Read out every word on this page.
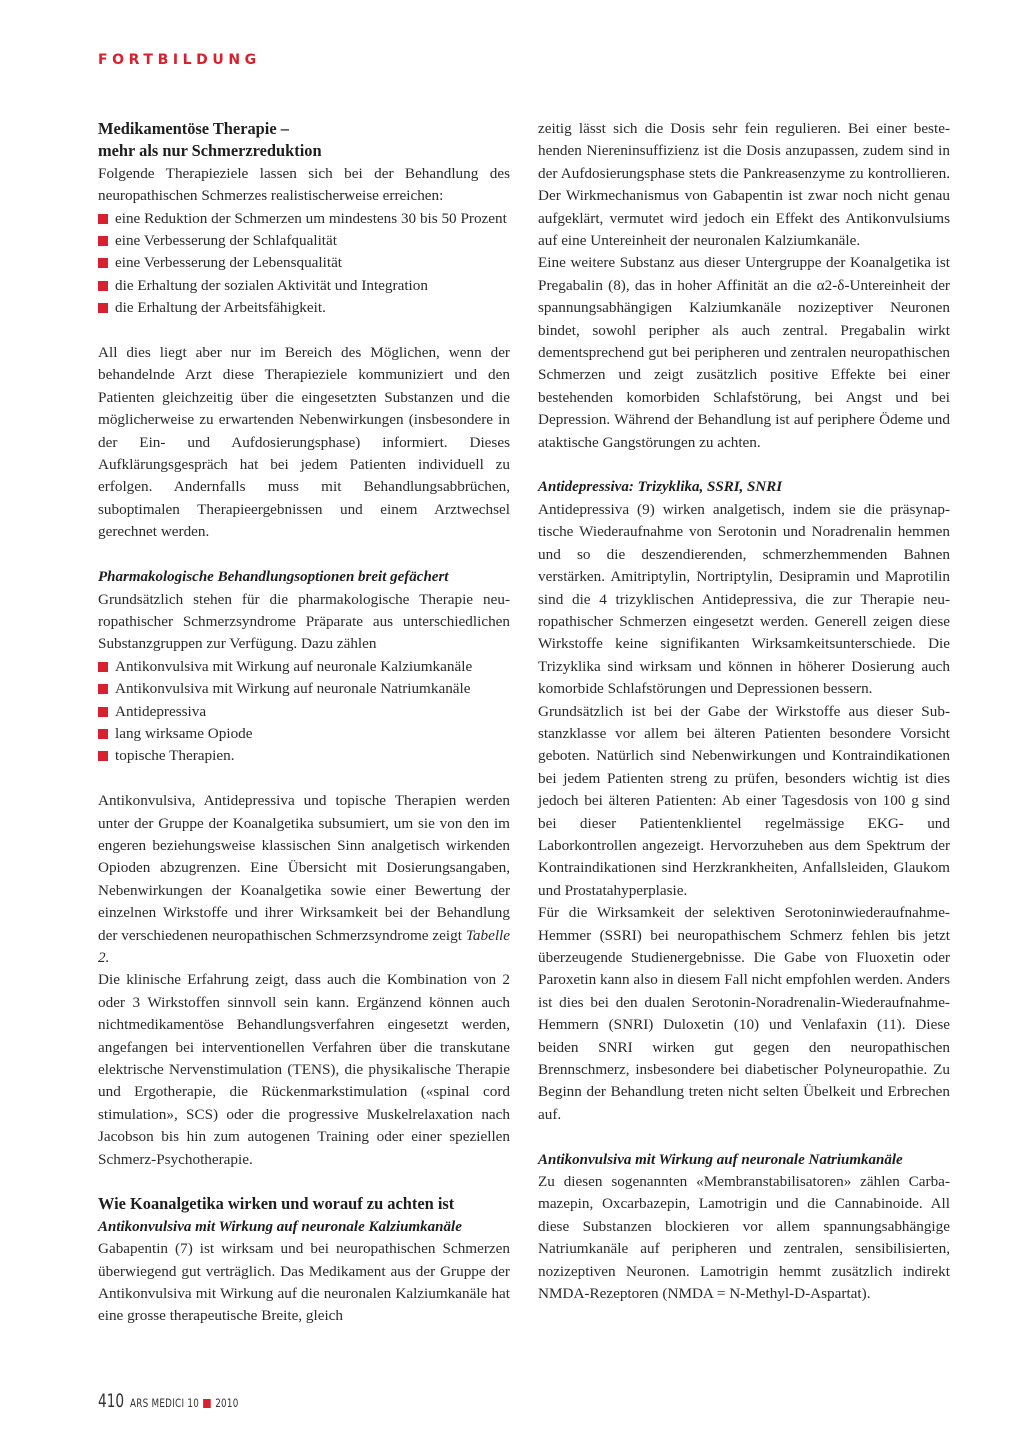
FORTBILDUNG
Medikamentöse Therapie –
mehr als nur Schmerzreduktion

Folgende Therapieziele lassen sich bei der Behandlung des neuropathischen Schmerzes realistischerweise erreichen:

eine Reduktion der Schmerzen um mindestens 30 bis 50 Prozent
eine Verbesserung der Schlafqualität
eine Verbesserung der Lebensqualität
die Erhaltung der sozialen Aktivität und Integration
die Erhaltung der Arbeitsfähigkeit.

All dies liegt aber nur im Bereich des Möglichen, wenn der behandelnde Arzt diese Therapieziele kommuniziert und den Patienten gleichzeitig über die eingesetzten Substanzen und die möglicherweise zu erwartenden Nebenwirkungen (insbesondere in der Ein- und Aufdosierungsphase) informiert. Dieses Aufklärungsgespräch hat bei jedem Patienten individuell zu erfolgen. Andernfalls muss mit Behandlungsabbrüchen, suboptimalen Therapieergebnissen und einem Arztwechsel gerechnet werden.

Pharmakologische Behandlungsoptionen breit gefächert

Grundsätzlich stehen für die pharmakologische Therapie neuropathischer Schmerzsyndrome Präparate aus unterschiedlichen Substanzgruppen zur Verfügung. Dazu zählen

Antikonvulsiva mit Wirkung auf neuronale Kalziumkanäle
Antikonvulsiva mit Wirkung auf neuronale Natriumkanäle
Antidepressiva
lang wirksame Opiode
topische Therapien.

Antikonvulsiva, Antidepressiva und topische Therapien werden unter der Gruppe der Koanalgetika subsumiert, um sie von den im engeren beziehungsweise klassischen Sinn analgetisch wirkenden Opioden abzugrenzen. Eine Übersicht mit Dosierungsangaben, Nebenwirkungen der Koanalgetika sowie einer Bewertung der einzelnen Wirkstoffe und ihrer Wirksamkeit bei der Behandlung der verschiedenen neuropathischen Schmerzsyndrome zeigt Tabelle 2.

Die klinische Erfahrung zeigt, dass auch die Kombination von 2 oder 3 Wirkstoffen sinnvoll sein kann. Ergänzend können auch nichtmedikamentöse Behandlungsverfahren eingesetzt werden, angefangen bei interventionellen Verfahren über die transkutane elektrische Nervenstimulation (TENS), die physikalische Therapie und Ergotherapie, die Rückenmarkstimulation («spinal cord stimulation», SCS) oder die progressive Muskelrelaxation nach Jacobson bis hin zum autogenen Training oder einer speziellen Schmerz-Psychotherapie.

Wie Koanalgetika wirken und worauf zu achten ist
Antikonvulsiva mit Wirkung auf neuronale Kalziumkanäle

Gabapentin (7) ist wirksam und bei neuropathischen Schmerzen überwiegend gut verträglich. Das Medikament aus der Gruppe der Antikonvulsiva mit Wirkung auf die neuronalen Kalziumkanäle hat eine grosse therapeutische Breite, gleich

zeitig lässt sich die Dosis sehr fein regulieren. Bei einer bestehenden Niereninsuffizienz ist die Dosis anzupassen, zudem sind in der Aufdosierungsphase stets die Pankreasenzyme zu kontrollieren. Der Wirkmechanismus von Gabapentin ist zwar noch nicht genau aufgeklärt, vermutet wird jedoch ein Effekt des Antikonvulsiums auf eine Untereinheit der neuronalen Kalziumkanäle.

Eine weitere Substanz aus dieser Untergruppe der Koanalgetika ist Pregabalin (8), das in hoher Affinität an die α2-δ-Untereinheit der spannungsabhängigen Kalziumkanäle nozizeptiver Neuronen bindet, sowohl peripher als auch zentral. Pregabalin wirkt dementsprechend gut bei peripheren und zentralen neuropathischen Schmerzen und zeigt zusätzlich positive Effekte bei einer bestehenden komorbiden Schlafstörung, bei Angst und bei Depression. Während der Behandlung ist auf periphere Ödeme und ataktische Gangstörungen zu achten.

Antidepressiva: Trizyklika, SSRI, SNRI

Antidepressiva (9) wirken analgetisch, indem sie die präsynaptische Wiederaufnahme von Serotonin und Noradrenalin hemmen und so die deszendierenden, schmerzhemmenden Bahnen verstärken. Amitriptylin, Nortriptylin, Desipramin und Maprotilin sind die 4 trizyklischen Antidepressiva, die zur Therapie neuropathischer Schmerzen eingesetzt werden. Generell zeigen diese Wirkstoffe keine signifikanten Wirksamkeitsunterschiede. Die Trizyklika sind wirksam und können in höherer Dosierung auch komorbide Schlafstörungen und Depressionen bessern.

Grundsätzlich ist bei der Gabe der Wirkstoffe aus dieser Substanzklasse vor allem bei älteren Patienten besondere Vorsicht geboten. Natürlich sind Nebenwirkungen und Kontraindikationen bei jedem Patienten streng zu prüfen, besonders wichtig ist dies jedoch bei älteren Patienten: Ab einer Tagesdosis von 100 g sind bei dieser Patientenklientel regelmässige EKG- und Laborkontrollen angezeigt. Hervorzuheben aus dem Spektrum der Kontraindikationen sind Herzkrankheiten, Anfallsleiden, Glaukom und Prostatahyperplasie.

Für die Wirksamkeit der selektiven Serotoninwiederaufnahme-Hemmer (SSRI) bei neuropathischem Schmerz fehlen bis jetzt überzeugende Studienergebnisse. Die Gabe von Fluoxetin oder Paroxetin kann also in diesem Fall nicht empfohlen werden. Anders ist dies bei den dualen Serotonin-Noradrenalin-Wiederaufnahme-Hemmern (SNRI) Duloxetin (10) und Venlafaxin (11). Diese beiden SNRI wirken gut gegen den neuropathischen Brennschmerz, insbesondere bei diabetischer Polyneuropathie. Zu Beginn der Behandlung treten nicht selten Übelkeit und Erbrechen auf.

Antikonvulsiva mit Wirkung auf neuronale Natriumkanäle

Zu diesen sogenannten «Membranstabilisatoren» zählen Carbamazepin, Oxcarbazepin, Lamotrigin und die Cannabinoide. All diese Substanzen blockieren vor allem spannungsabhängige Natriumkanäle auf peripheren und zentralen, sensibilisierten, nozizeptiven Neuronen. Lamotrigin hemmt zusätzlich indirekt NMDA-Rezeptoren (NMDA = N-Methyl-D-Aspartat).

410 ARS MEDICI 10 2010
